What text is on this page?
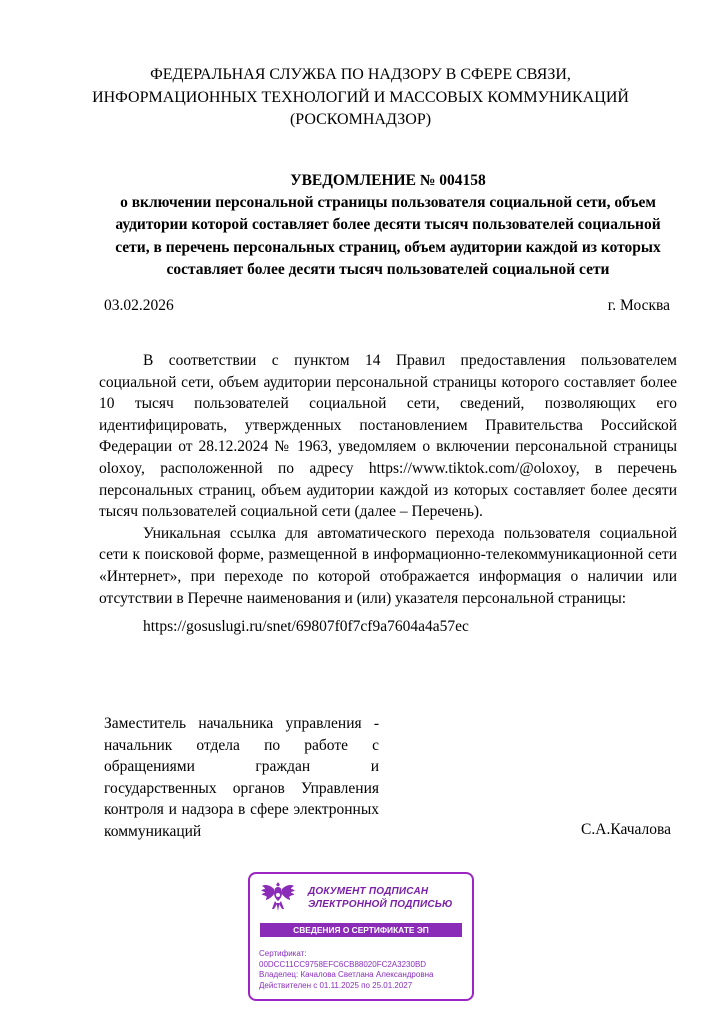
ФЕДЕРАЛЬНАЯ СЛУЖБА ПО НАДЗОРУ В СФЕРЕ СВЯЗИ,
ИНФОРМАЦИОННЫХ ТЕХНОЛОГИЙ И МАССОВЫХ КОММУНИКАЦИЙ
(РОСКОМНАДЗОР)
УВЕДОМЛЕНИЕ № 004158
о включении персональной страницы пользователя социальной сети, объем аудитории которой составляет более десяти тысяч пользователей социальной сети, в перечень персональных страниц, объем аудитории каждой из которых составляет более десяти тысяч пользователей социальной сети
03.02.2026	г. Москва

В соответствии с пунктом 14 Правил предоставления пользователем социальной сети, объем аудитории персональной страницы которого составляет более 10 тысяч пользователей социальной сети, сведений, позволяющих его идентифицировать, утвержденных постановлением Правительства Российской Федерации от 28.12.2024 № 1963, уведомляем о включении персональной страницы oloxoy, расположенной по адресу https://www.tiktok.com/@oloxoy, в перечень персональных страниц, объем аудитории каждой из которых составляет более десяти тысяч пользователей социальной сети (далее – Перечень).

Уникальная ссылка для автоматического перехода пользователя социальной сети к поисковой форме, размещенной в информационно-телекоммуникационной сети «Интернет», при переходе по которой отображается информация о наличии или отсутствии в Перечне наименования и (или) указателя персональной страницы:

https://gosuslugi.ru/snet/69807f0f7cf9a7604a4a57ec

Заместитель начальника управления - начальник отдела по работе с обращениями граждан и государственных органов Управления контроля и надзора в сфере электронных коммуникаций	С.А.Качалова
ДОКУМЕНТ ПОДПИСАН
ЭЛЕКТРОННОЙ ПОДПИСЬЮ
СВЕДЕНИЯ О СЕРТИФИКАТЕ ЭП
Сертификат:
00DCC11CC9758EFC6CB88020FC2A3230BD
Владелец: Качалова Светлана Александровна
Действителен с 01.11.2025 по 25.01.2027
